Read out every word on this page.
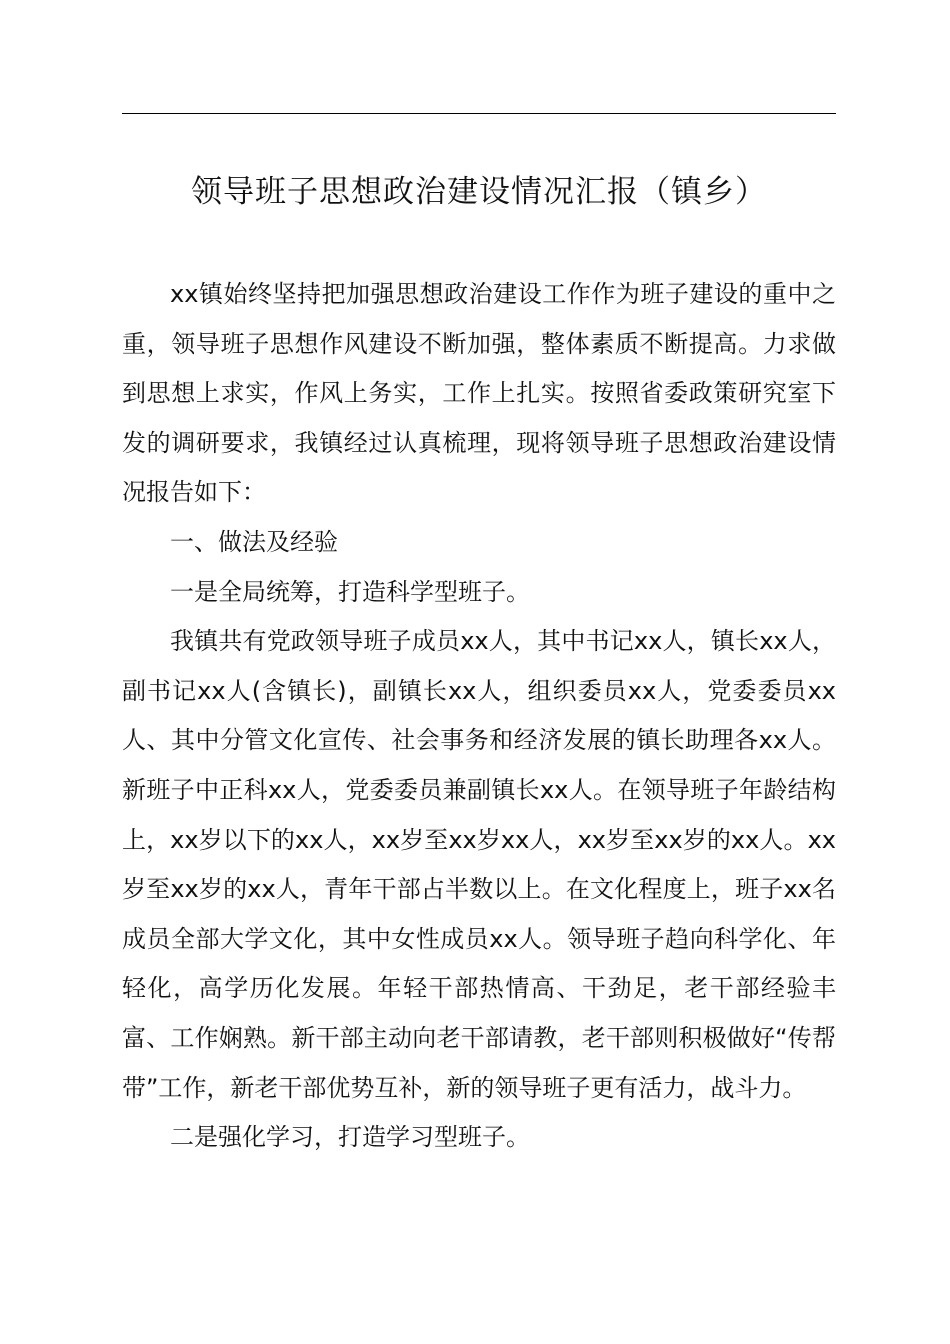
领导班子思想政治建设情况汇报（镇乡）

xx镇始终坚持把加强思想政治建设工作作为班子建设的重中之重，领导班子思想作风建设不断加强，整体素质不断提高。力求做到思想上求实，作风上务实，工作上扎实。按照省委政策研究室下发的调研要求，我镇经过认真梳理，现将领导班子思想政治建设情况报告如下：

一、做法及经验

一是全局统筹，打造科学型班子。

我镇共有党政领导班子成员xx人，其中书记xx人，镇长xx人，副书记xx人(含镇长)，副镇长xx人，组织委员xx人，党委委员xx人、其中分管文化宣传、社会事务和经济发展的镇长助理各xx人。新班子中正科xx人，党委委员兼副镇长xx人。在领导班子年龄结构上，xx岁以下的xx人，xx岁至xx岁xx人，xx岁至xx岁的xx人。xx岁至xx岁的xx人，青年干部占半数以上。在文化程度上，班子xx名成员全部大学文化，其中女性成员xx人。领导班子趋向科学化、年轻化，高学历化发展。年轻干部热情高、干劲足，老干部经验丰富、工作娴熟。新干部主动向老干部请教，老干部则积极做好“传帮带”工作，新老干部优势互补，新的领导班子更有活力，战斗力。

二是强化学习，打造学习型班子。
